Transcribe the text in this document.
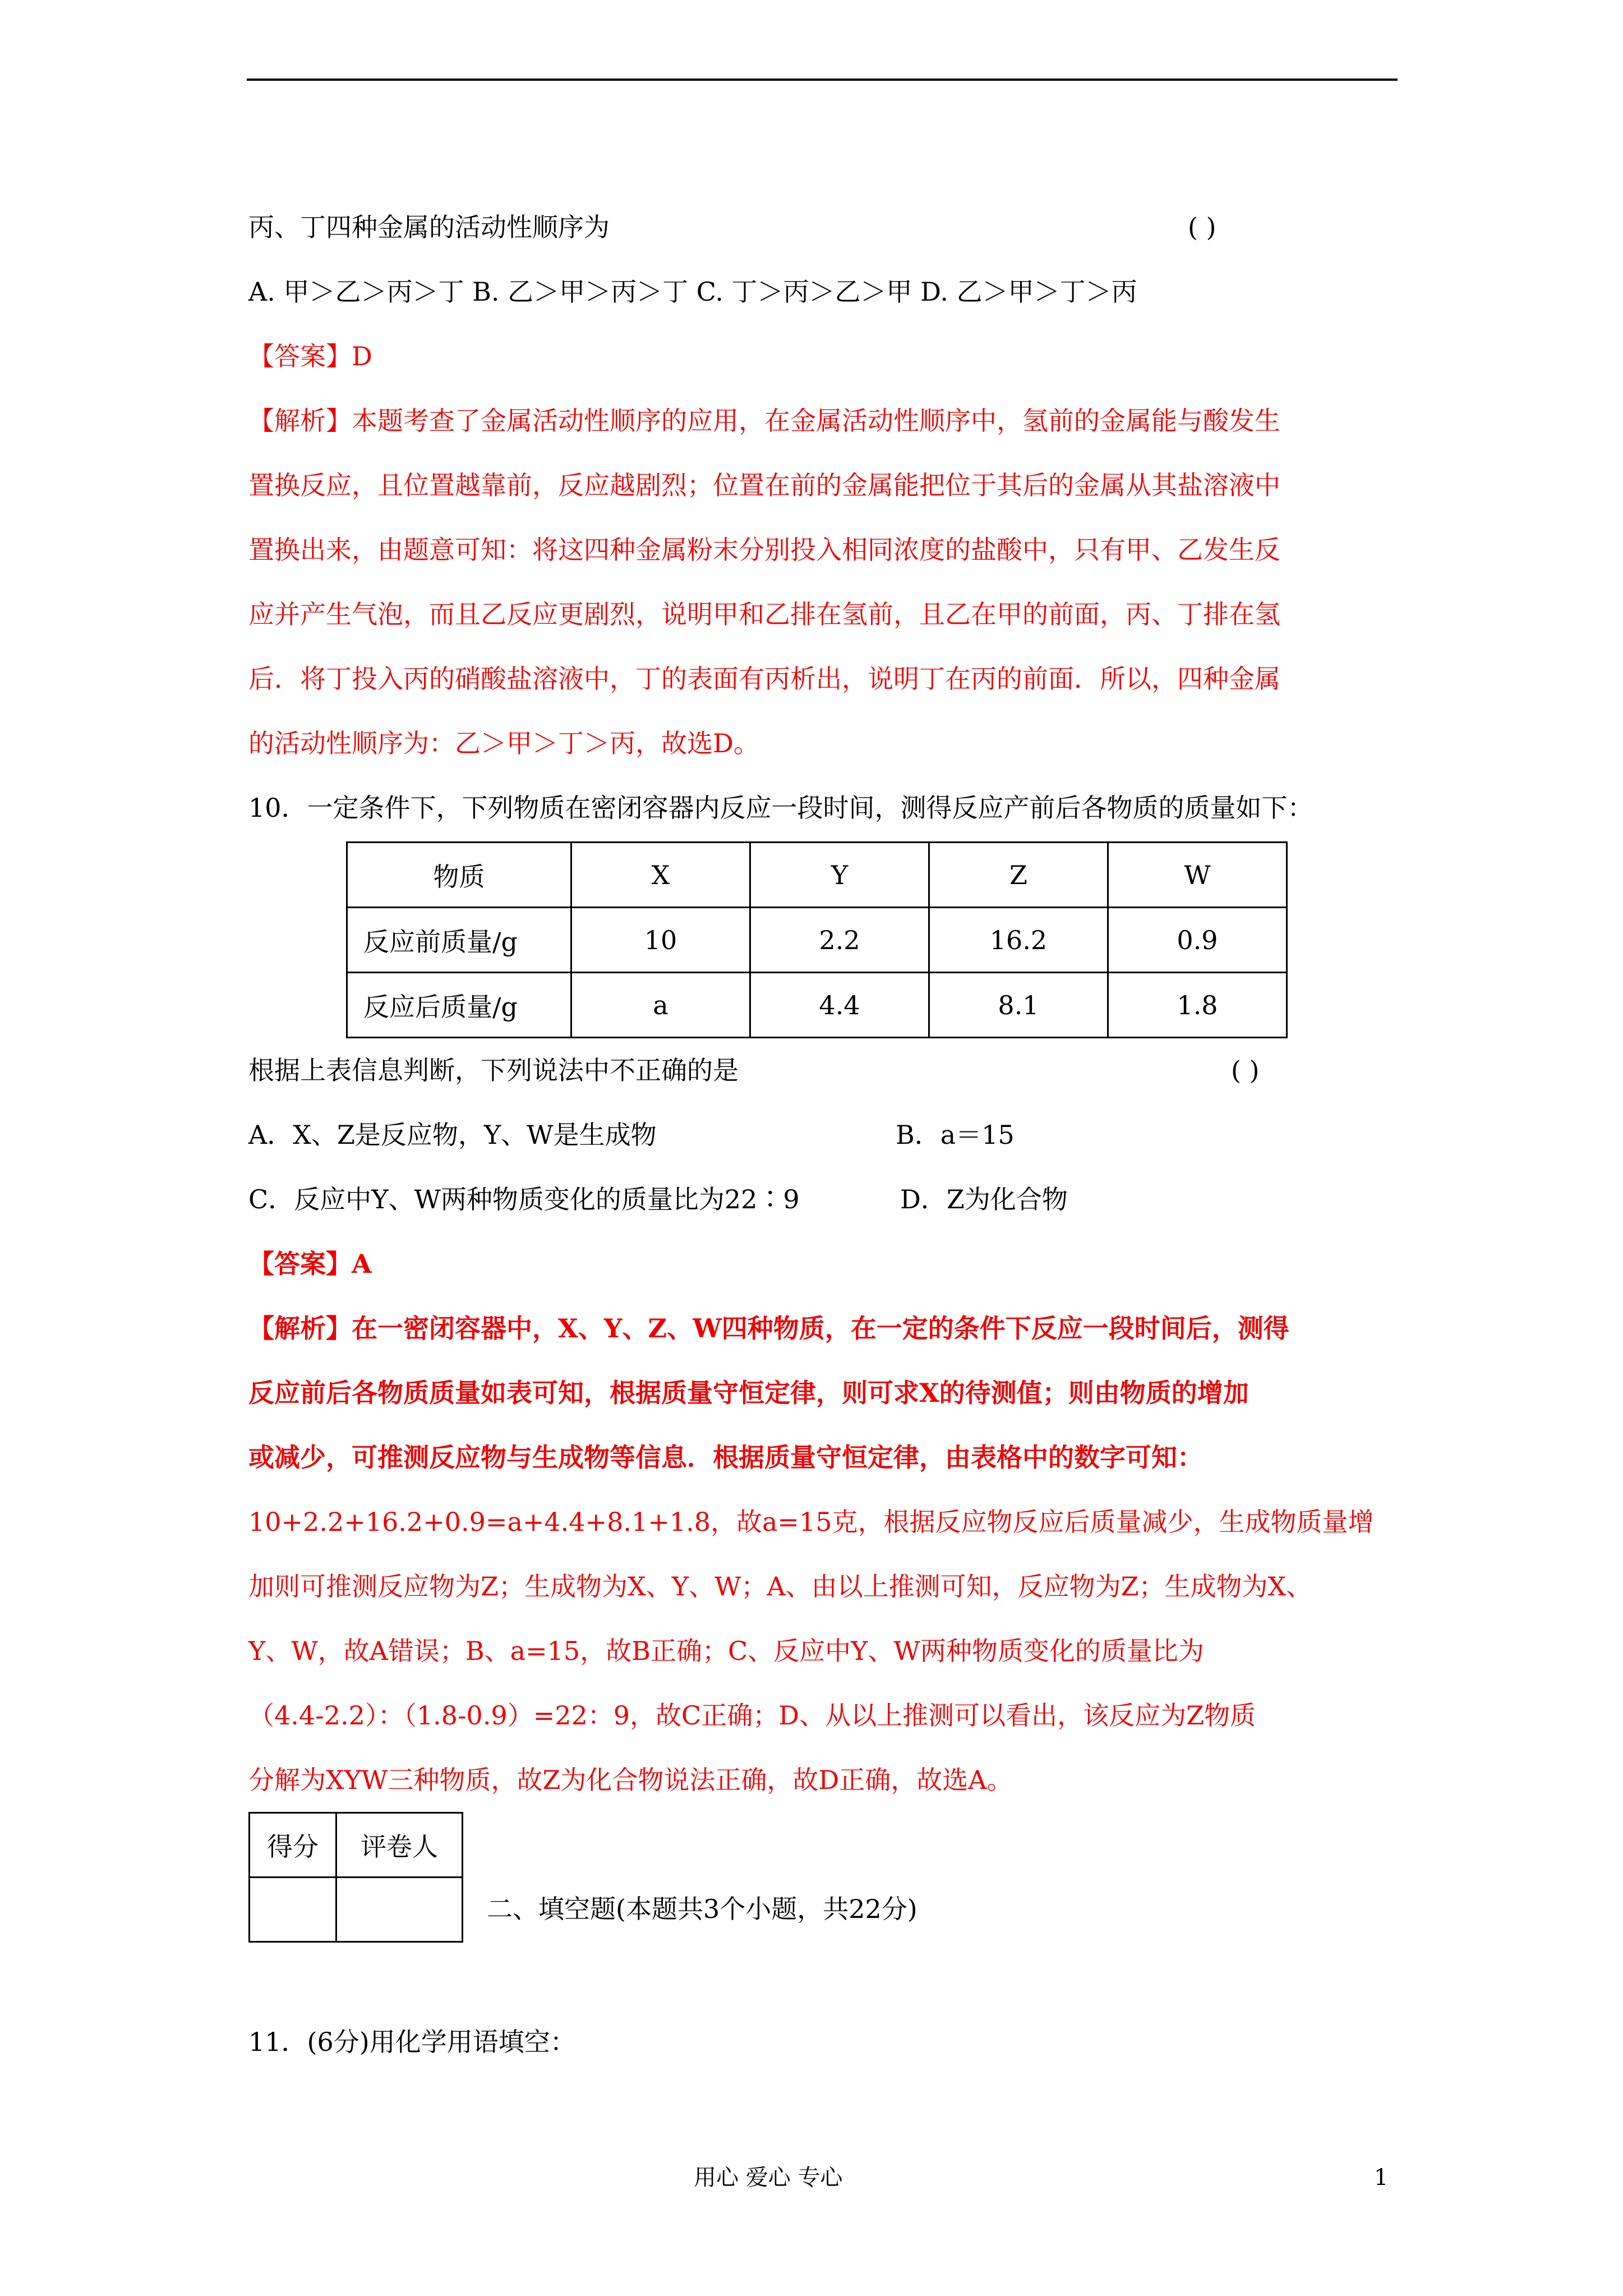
丙、丁四种金属的活动性顺序为	( )
A. 甲＞乙＞丙＞丁 B. 乙＞甲＞丙＞丁 C. 丁＞丙＞乙＞甲 D. 乙＞甲＞丁＞丙
【答案】D
【解析】本题考查了金属活动性顺序的应用，在金属活动性顺序中，氢前的金属能与酸发生
置换反应，且位置越靠前，反应越剧烈；位置在前的金属能把位于其后的金属从其盐溶液中
置换出来，由题意可知：将这四种金属粉末分别投入相同浓度的盐酸中，只有甲、乙发生反
应并产生气泡，而且乙反应更剧烈，说明甲和乙排在氢前，且乙在甲的前面，丙、丁排在氢
后．将丁投入丙的硝酸盐溶液中，丁的表面有丙析出，说明丁在丙的前面．所以，四种金属
的活动性顺序为：乙＞甲＞丁＞丙，故选D。
10．一定条件下，下列物质在密闭容器内反应一段时间，测得反应产前后各物质的质量如下：
物质	X	Y	Z	W
反应前质量/g	10	2.2	16.2	0.9
反应后质量/g	a	4.4	8.1	1.8
根据上表信息判断，下列说法中不正确的是	( )
A．X、Z是反应物，Y、W是生成物	B．a＝15
C．反应中Y、W两种物质变化的质量比为22∶9	D．Z为化合物
【答案】A
【解析】在一密闭容器中，X、Y、Z、W四种物质，在一定的条件下反应一段时间后，测得
反应前后各物质质量如表可知，根据质量守恒定律，则可求X的待测值；则由物质的增加
或减少，可推测反应物与生成物等信息．根据质量守恒定律，由表格中的数字可知：
10+2.2+16.2+0.9=a+4.4+8.1+1.8，故a=15克，根据反应物反应后质量减少，生成物质量增
加则可推测反应物为Z；生成物为X、Y、W；A、由以上推测可知，反应物为Z；生成物为X、
Y、W，故A错误；B、a=15，故B正确；C、反应中Y、W两种物质变化的质量比为
（4.4-2.2）：（1.8-0.9）=22：9，故C正确；D、从以上推测可以看出，该反应为Z物质
分解为XYW三种物质，故Z为化合物说法正确，故D正确，故选A。
得分	评卷人

二、填空题(本题共3个小题，共22分)
11．(6分)用化学用语填空：
用心 爱心 专心	1
